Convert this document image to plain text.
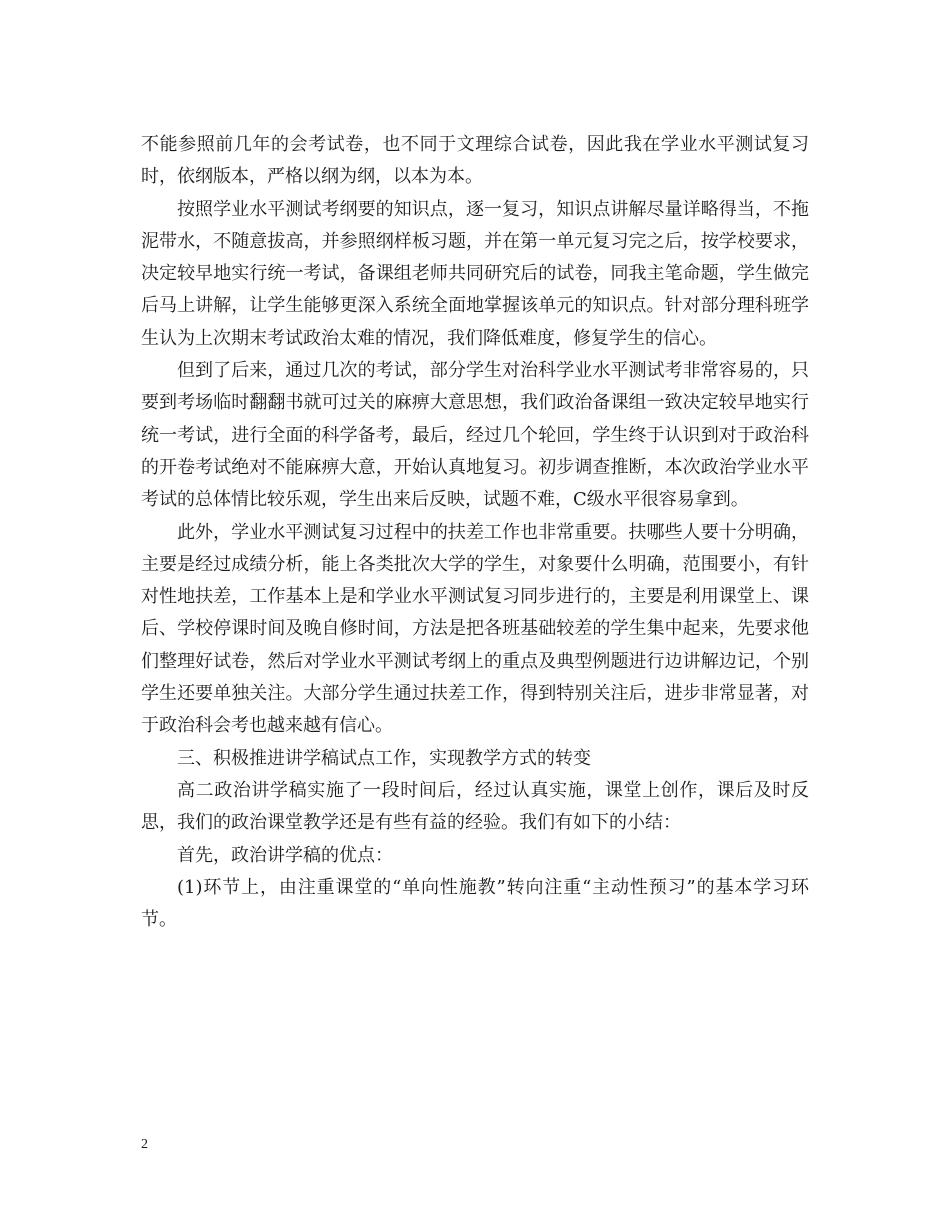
不能参照前几年的会考试卷，也不同于文理综合试卷，因此我在学业水平测试复习时，依纲版本，严格以纲为纲，以本为本。

按照学业水平测试考纲要的知识点，逐一复习，知识点讲解尽量详略得当，不拖泥带水，不随意拔高，并参照纲样板习题，并在第一单元复习完之后，按学校要求，决定较早地实行统一考试，备课组老师共同研究后的试卷，同我主笔命题，学生做完后马上讲解，让学生能够更深入系统全面地掌握该单元的知识点。针对部分理科班学生认为上次期末考试政治太难的情况，我们降低难度，修复学生的信心。

但到了后来，通过几次的考试，部分学生对治科学业水平测试考非常容易的，只要到考场临时翻翻书就可过关的麻痹大意思想，我们政治备课组一致决定较早地实行统一考试，进行全面的科学备考，最后，经过几个轮回，学生终于认识到对于政治科的开卷考试绝对不能麻痹大意，开始认真地复习。初步调查推断，本次政治学业水平考试的总体情比较乐观，学生出来后反映，试题不难，C级水平很容易拿到。

此外，学业水平测试复习过程中的扶差工作也非常重要。扶哪些人要十分明确，主要是经过成绩分析，能上各类批次大学的学生，对象要什么明确，范围要小，有针对性地扶差，工作基本上是和学业水平测试复习同步进行的，主要是利用课堂上、课后、学校停课时间及晚自修时间，方法是把各班基础较差的学生集中起来，先要求他们整理好试卷，然后对学业水平测试考纲上的重点及典型例题进行边讲解边记，个别学生还要单独关注。大部分学生通过扶差工作，得到特别关注后，进步非常显著，对于政治科会考也越来越有信心。

三、积极推进讲学稿试点工作，实现教学方式的转变

高二政治讲学稿实施了一段时间后，经过认真实施，课堂上创作，课后及时反思，我们的政治课堂教学还是有些有益的经验。我们有如下的小结：

首先，政治讲学稿的优点：

(1)环节上，由注重课堂的“单向性施教”转向注重“主动性预习”的基本学习环节。

2
